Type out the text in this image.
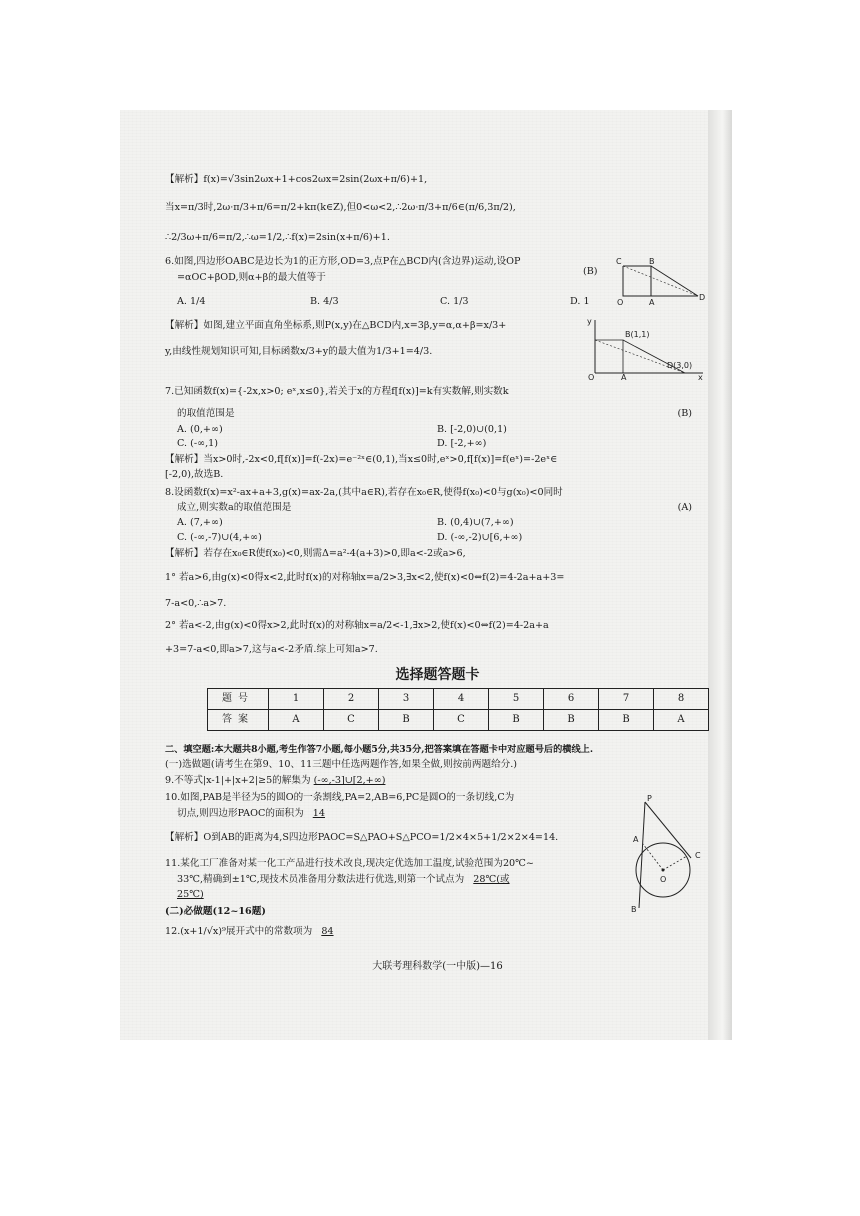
【解析】f(x)=√3sin2ωx+1+cos2ωx=2sin(2ωx+π/6)+1,
当x=π/3时,2ω·π/3+π/6=π/2+kπ(k∈Z),但0<ω<2,∴2ω·π/3+π/6∈(π/6,3π/2),
∴2/3ω+π/6=π/2,∴ω=1/2,∴f(x)=2sin(x+π/6)+1.
6.如图,四边形OABC是边长为1的正方形,OD=3,点P在△BCD内(含边界)运动,设OP
=αOC+βOD,则α+β的最大值等于
(B)
A. 1/4	B. 4/3	C. 1/3	D. 1
C	B
O	A
D
【解析】如图,建立平面直角坐标系,则P(x,y)在△BCD内,x=3β,y=α,α+β=x/3+
y,由线性规划知识可知,目标函数x/3+y的最大值为1/3+1=4/3.
y
B(1,1)
D(3,0)
O	A	x
7.已知函数f(x)={-2x,x>0; eˣ,x≤0},若关于x的方程f[f(x)]=k有实数解,则实数k
的取值范围是	(B)
A. (0,+∞)	B. [-2,0)∪(0,1)
C. (-∞,1)	D. [-2,+∞)
【解析】当x>0时,-2x<0,f[f(x)]=f(-2x)=e⁻²ˣ∈(0,1),当x≤0时,eˣ>0,f[f(x)]=f(eˣ)=-2eˣ∈
[-2,0),故选B.
8.设函数f(x)=x²-ax+a+3,g(x)=ax-2a,(其中a∈R),若存在x₀∈R,使得f(x₀)<0与g(x₀)<0同时
成立,则实数a的取值范围是	(A)
A. (7,+∞)	B. (0,4)∪(7,+∞)
C. (-∞,-7)∪(4,+∞)	D. (-∞,-2)∪[6,+∞)
【解析】若存在x₀∈R使f(x₀)<0,则需Δ=a²-4(a+3)>0,即a<-2或a>6,
1° 若a>6,由g(x)<0得x<2,此时f(x)的对称轴x=a/2>3,∃x<2,使f(x)<0⇔f(2)=4-2a+a+3=
7-a<0,∴a>7.
2° 若a<-2,由g(x)<0得x>2,此时f(x)的对称轴x=a/2<-1,∃x>2,使f(x)<0⇔f(2)=4-2a+a
+3=7-a<0,即a>7,这与a<-2矛盾.综上可知a>7.
选择题答题卡
题号	1	2	3	4	5	6	7	8
答案	A	C	B	C	B	B	B	A
二、填空题:本大题共8小题,考生作答7小题,每小题5分,共35分,把答案填在答题卡中对应题号后的横线上.
(一)选做题(请考生在第9、10、11三题中任选两题作答,如果全做,则按前两题给分.)
9.不等式|x-1|+|x+2|≥5的解集为 (-∞,-3]∪[2,+∞)
10.如图,PAB是半径为5的圆O的一条割线,PA=2,AB=6,PC是圆O的一条切线,C为
切点,则四边形PAOC的面积为 14
【解析】O到AB的距离为4,S四边形PAOC=S△PAO+S△PCO=1/2×4×5+1/2×2×4=14.
P
A
C
O
B
11.某化工厂准备对某一化工产品进行技术改良,现决定优选加工温度,试验范围为20℃~
33℃,精确到±1℃,现技术员准备用分数法进行优选,则第一个试点为 28℃(或
25℃)
(二)必做题(12~16题)
12.(x+1/√x)⁹展开式中的常数项为 84
大联考理科数学(一中版)—16
